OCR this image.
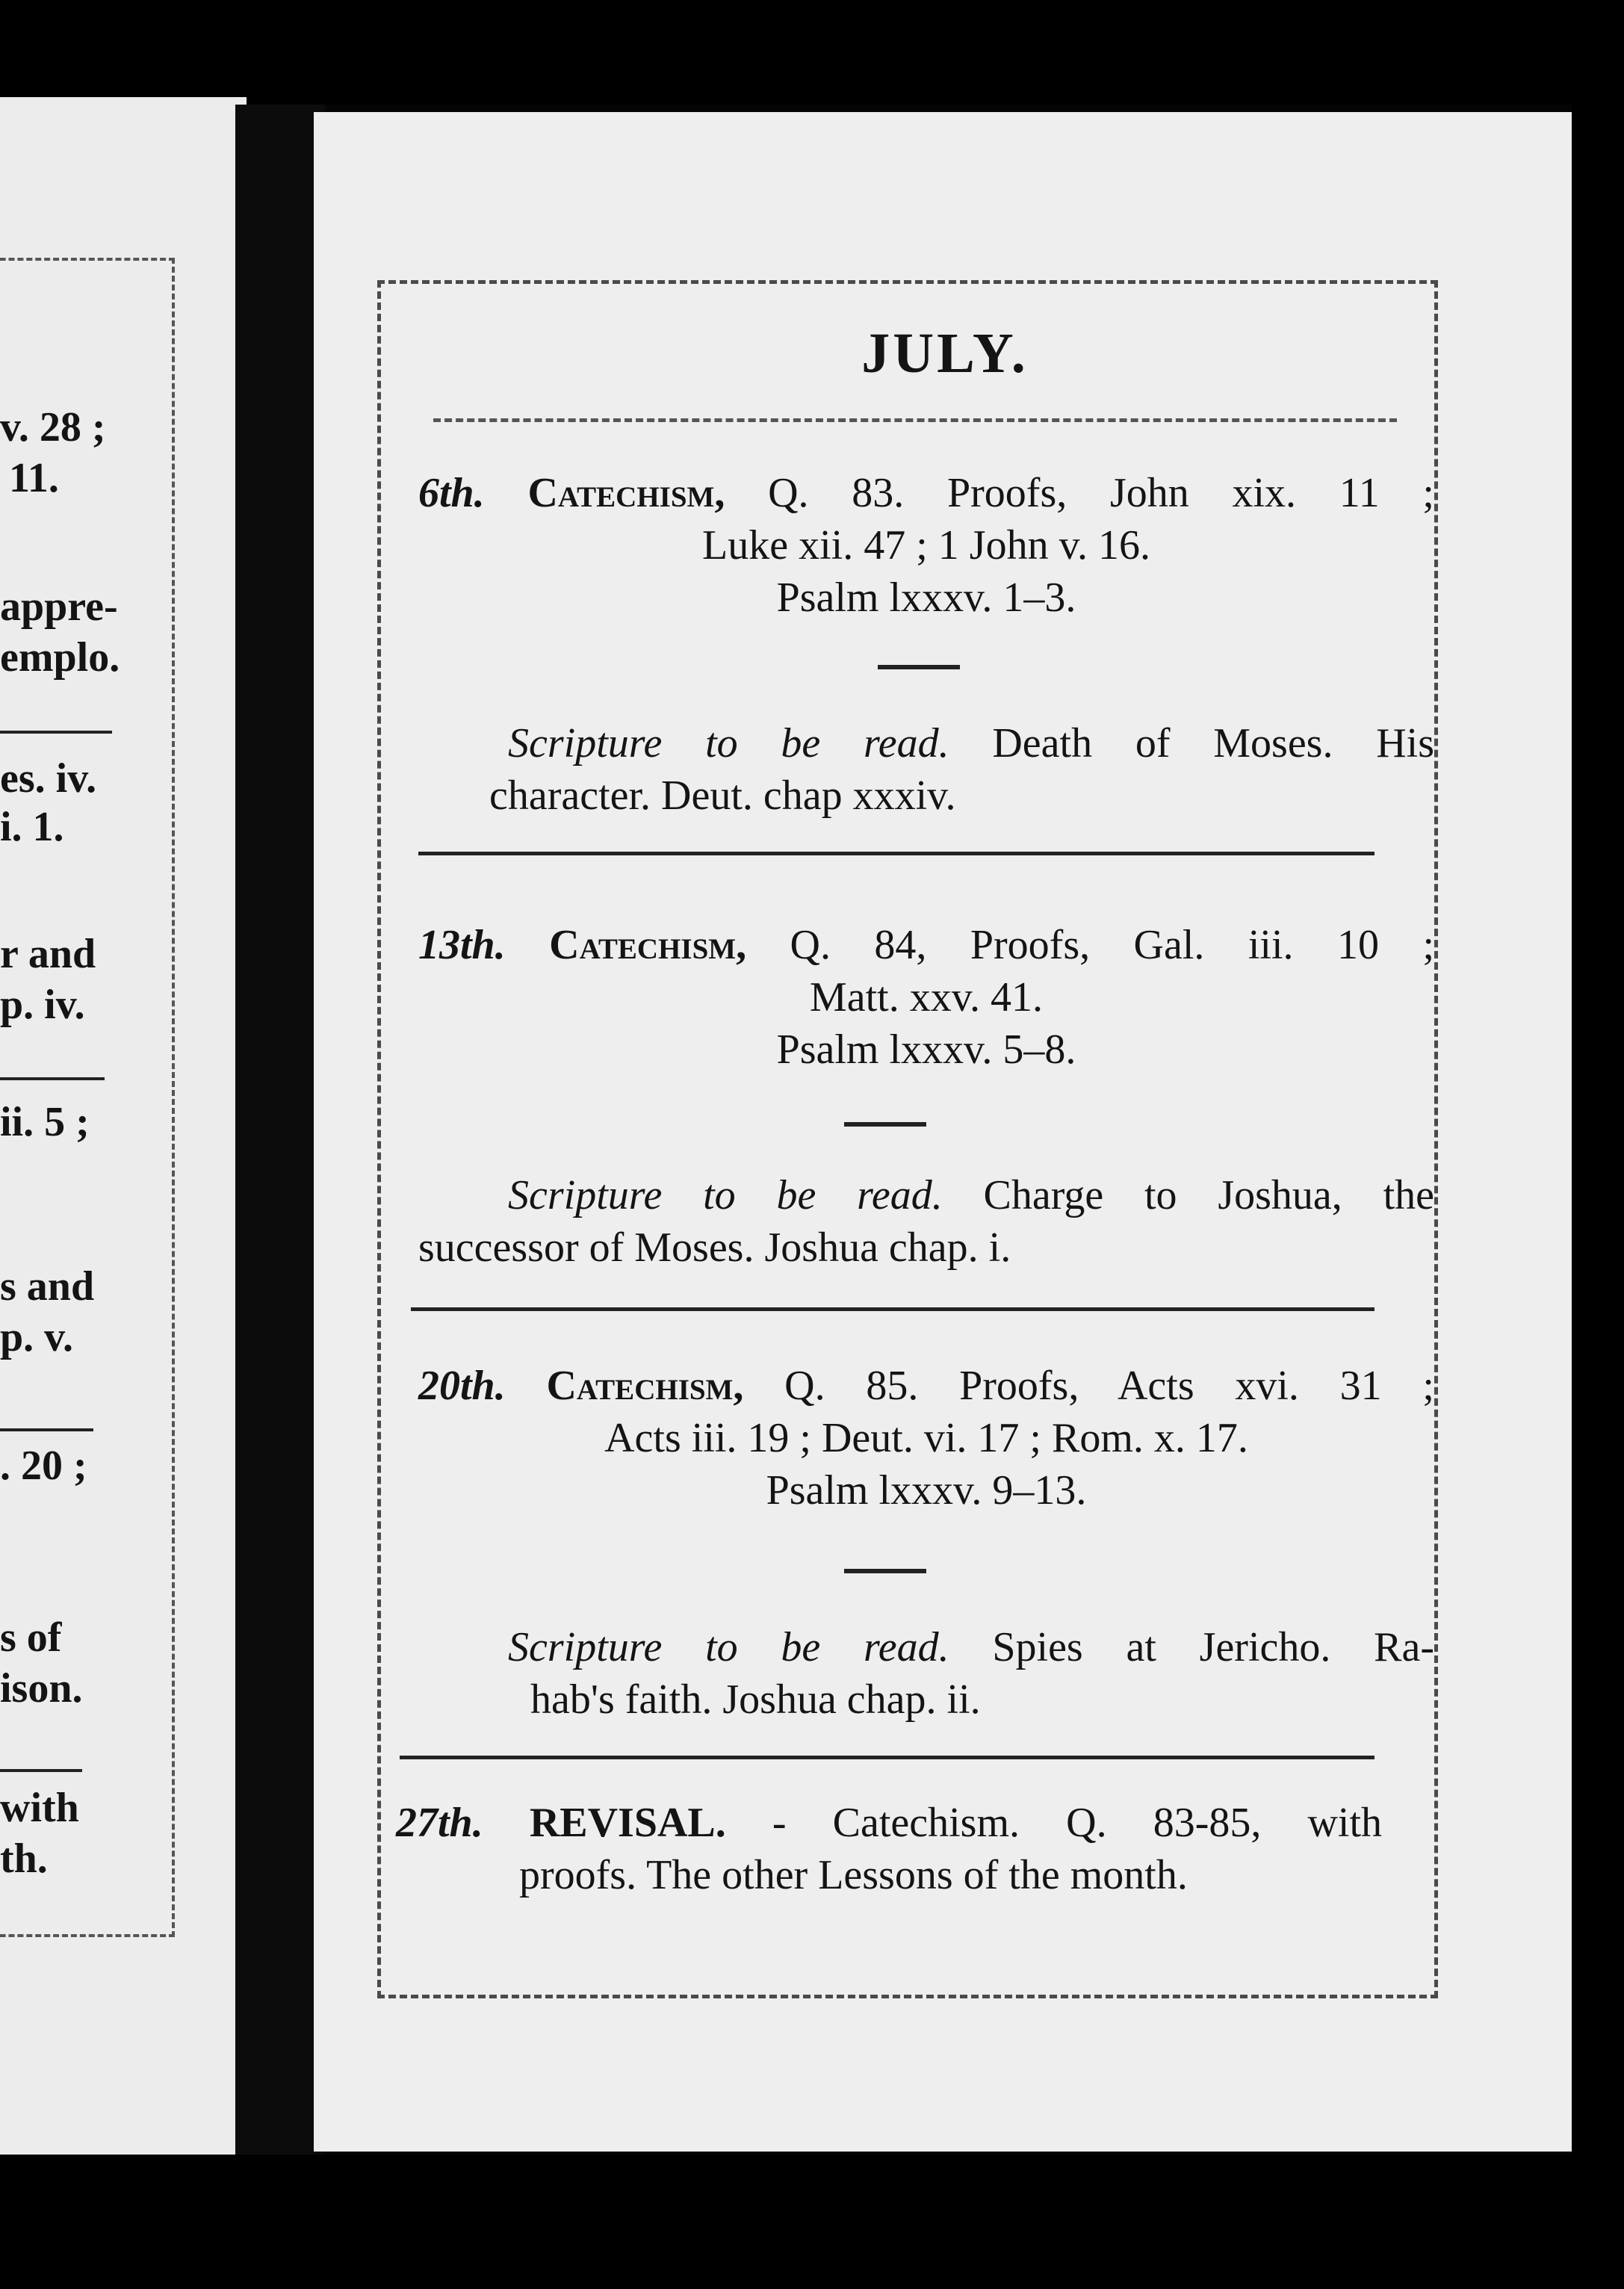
v. 28 ;
11.
appre-
emplo.
es. iv.
i. 1.
r and
p. iv.
ii. 5 ;
s and
p. v.
. 20 ;
s of
ison.
with
th.
JULY.
6th. Catechism, Q. 83. Proofs, John xix. 11 ;
Luke xii. 47 ; 1 John v. 16.
Psalm lxxxv. 1–3.
Scripture to be read. Death of Moses. His
character. Deut. chap xxxiv.
13th. Catechism, Q. 84, Proofs, Gal. iii. 10 ;
Matt. xxv. 41.
Psalm lxxxv. 5–8.
Scripture to be read. Charge to Joshua, the
successor of Moses. Joshua chap. i.
20th. Catechism, Q. 85. Proofs, Acts xvi. 31 ;
Acts iii. 19 ; Deut. vi. 17 ; Rom. x. 17.
Psalm lxxxv. 9–13.
Scripture to be read. Spies at Jericho. Ra-
hab's faith. Joshua chap. ii.
27th. REVISAL. - Catechism. Q. 83-85, with
proofs. The other Lessons of the month.
